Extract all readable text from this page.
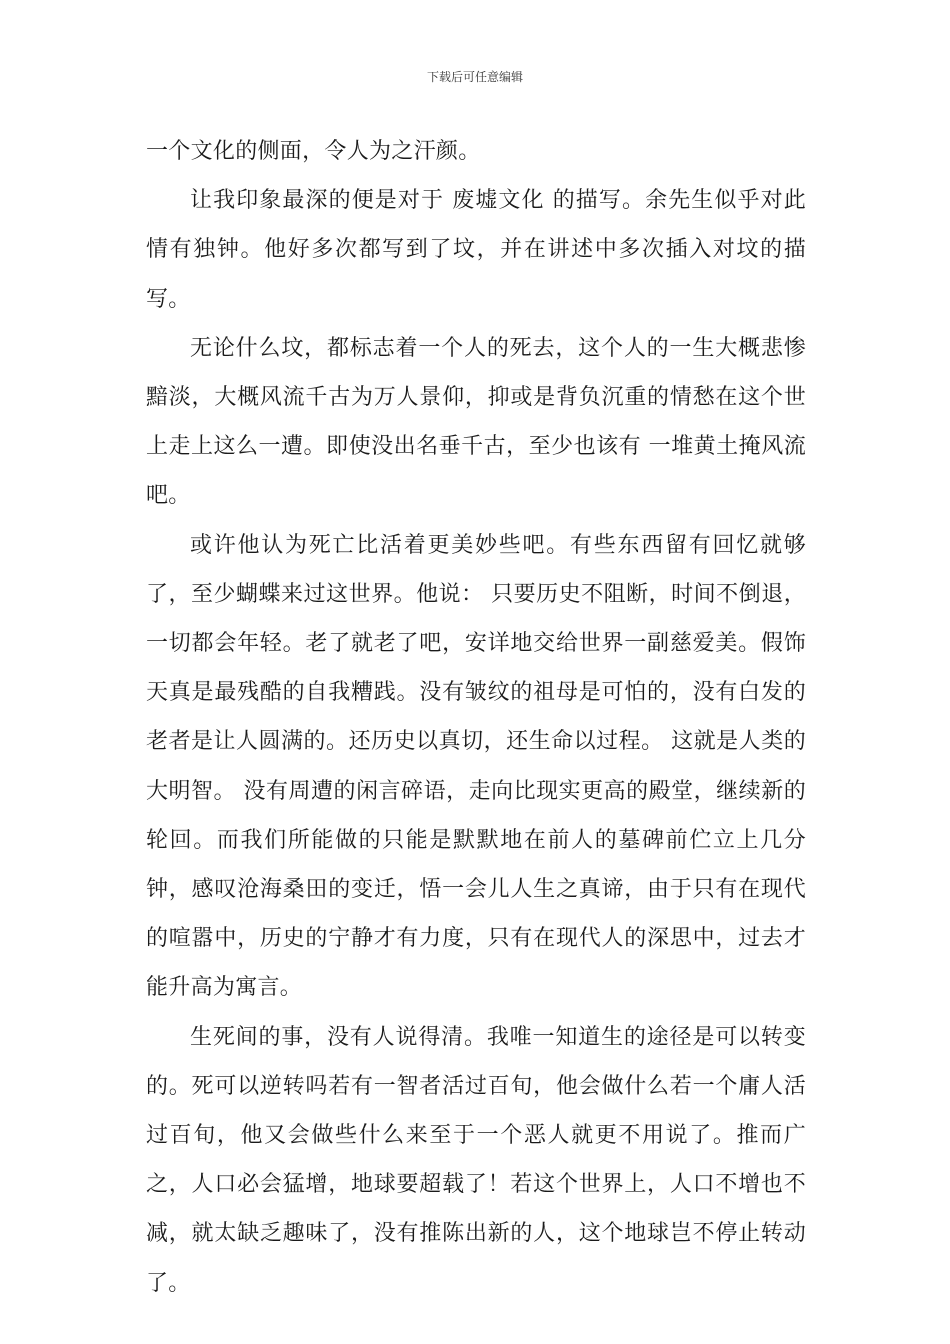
下载后可任意编辑

一个文化的侧面，令人为之汗颜。

让我印象最深的便是对于 废墟文化 的描写。余先生似乎对此情有独钟。他好多次都写到了坟，并在讲述中多次插入对坟的描写。

无论什么坟，都标志着一个人的死去，这个人的一生大概悲惨黯淡，大概风流千古为万人景仰，抑或是背负沉重的情愁在这个世上走上这么一遭。即使没出名垂千古，至少也该有 一堆黄土掩风流吧。

或许他认为死亡比活着更美妙些吧。有些东西留有回忆就够了，至少蝴蝶来过这世界。他说： 只要历史不阻断，时间不倒退，一切都会年轻。老了就老了吧，安详地交给世界一副慈爱美。假饰天真是最残酷的自我糟践。没有皱纹的祖母是可怕的，没有白发的老者是让人圆满的。还历史以真切，还生命以过程。 这就是人类的大明智。 没有周遭的闲言碎语，走向比现实更高的殿堂，继续新的轮回。而我们所能做的只能是默默地在前人的墓碑前伫立上几分钟，感叹沧海桑田的变迁，悟一会儿人生之真谛，由于只有在现代的喧嚣中，历史的宁静才有力度，只有在现代人的深思中，过去才能升高为寓言。

生死间的事，没有人说得清。我唯一知道生的途径是可以转变的。死可以逆转吗若有一智者活过百旬，他会做什么若一个庸人活过百旬，他又会做些什么来至于一个恶人就更不用说了。推而广之，人口必会猛增，地球要超载了！若这个世界上，人口不增也不减，就太缺乏趣味了，没有推陈出新的人，这个地球岂不停止转动了。
